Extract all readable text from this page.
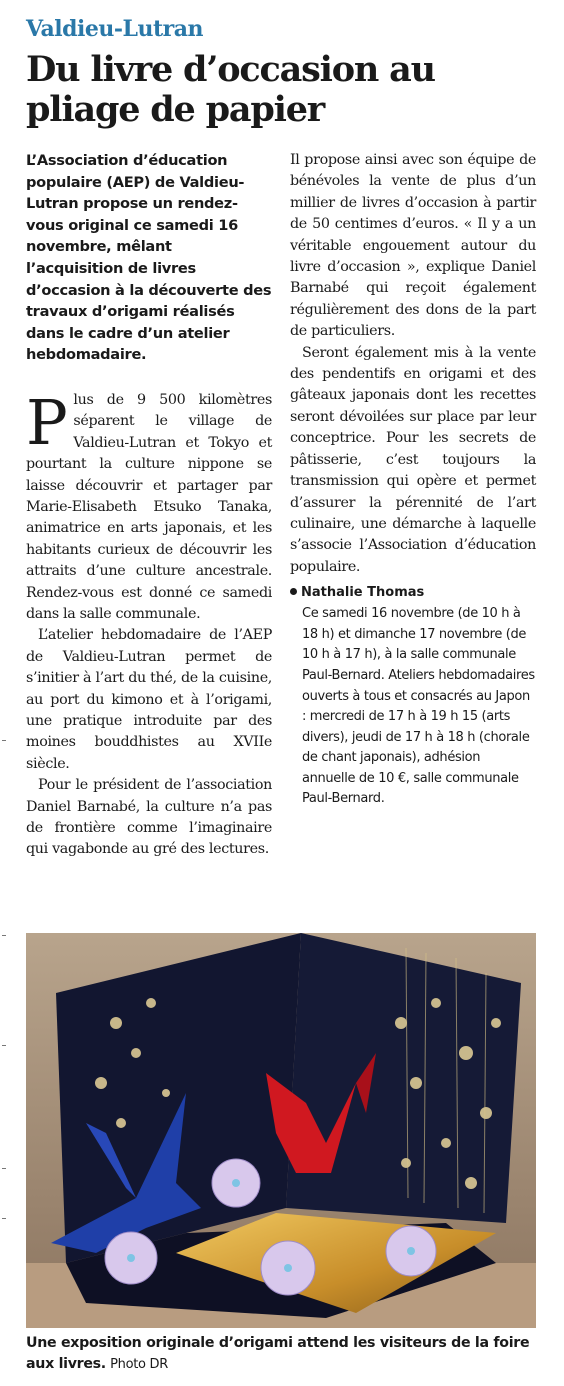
Valdieu-Lutran
Du livre d’occasion au pliage de papier
L’Association d’éducation populaire (AEP) de Valdieu-Lutran propose un rendez-vous original ce samedi 16 novembre, mêlant l’acquisition de livres d’occasion à la découverte des travaux d’origami réalisés dans le cadre d’un atelier hebdomadaire.

Plus de 9 500 kilomètres séparent le village de Valdieu-Lutran et Tokyo et pourtant la culture nippone se laisse découvrir et partager par Marie-Elisabeth Etsuko Tanaka, animatrice en arts japonais, et les habitants curieux de découvrir les attraits d’une culture ancestrale. Rendez-vous est donné ce samedi dans la salle communale.

L’atelier hebdomadaire de l’AEP de Valdieu-Lutran permet de s’initier à l’art du thé, de la cuisine, au port du kimono et à l’origami, une pratique introduite par des moines bouddhistes au XVIIe siècle.

Pour le président de l’association Daniel Barnabé, la culture n’a pas de frontière comme l’imaginaire qui vagabonde au gré des lectures.

Il propose ainsi avec son équipe de bénévoles la vente de plus d’un millier de livres d’occasion à partir de 50 centimes d’euros. « Il y a un véritable engouement autour du livre d’occasion », explique Daniel Barnabé qui reçoit également régulièrement des dons de la part de particuliers.

Seront également mis à la vente des pendentifs en origami et des gâteaux japonais dont les recettes seront dévoilées sur place par leur conceptrice. Pour les secrets de pâtisserie, c’est toujours la transmission qui opère et permet d’assurer la pérennité de l’art culinaire, une démarche à laquelle s’associe l’Association d’éducation populaire.

Nathalie Thomas
Ce samedi 16 novembre (de 10 h à 18 h) et dimanche 17 novembre (de 10 h à 17 h), à la salle communale Paul-Bernard. Ateliers hebdomadaires ouverts à tous et consacrés au Japon : mercredi de 17 h à 19 h 15 (arts divers), jeudi de 17 h à 18 h (chorale de chant japonais), adhésion annuelle de 10 €, salle communale Paul-Bernard.
Une exposition originale d’origami attend les visiteurs de la foire aux livres. Photo DR
